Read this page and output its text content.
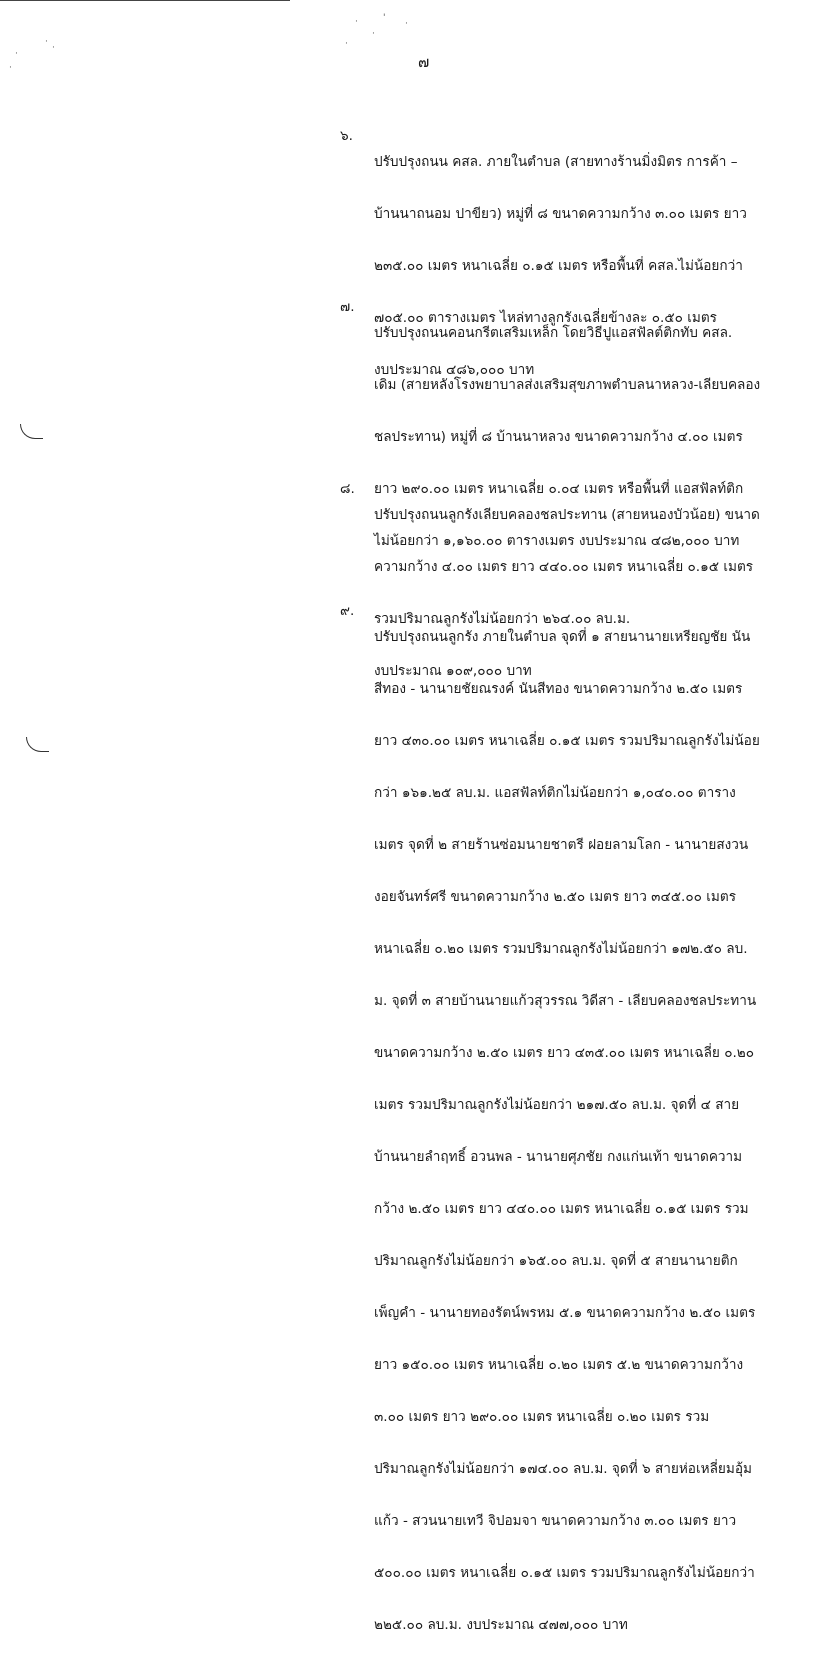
·	'
·
·
·
·
·
·
·	๗
๖.

ปรับปรุงถนน คสล. ภายในตำบล (สายทางร้านมิ่งมิตร การค้า –

บ้านนาถนอม ปาขียว) หมู่ที่ ๘ ขนาดความกว้าง ๓.๐๐ เมตร ยาว

๒๓๕.๐๐ เมตร หนาเฉลี่ย ๐.๑๕ เมตร หรือพื้นที่ คสล.ไม่น้อยกว่า

๗๐๕.๐๐ ตารางเมตร ไหล่ทางลูกรังเฉลี่ยข้างละ ๐.๕๐ เมตร

งบประมาณ ๔๘๖,๐๐๐ บาท

๗.

ปรับปรุงถนนคอนกรีตเสริมเหล็ก โดยวิธีปูแอสฟัลต์ติกทับ คสล.

เดิม (สายหลังโรงพยาบาลส่งเสริมสุขภาพตำบลนาหลวง-เลียบคลอง

ชลประทาน) หมู่ที่ ๘ บ้านนาหลวง ขนาดความกว้าง ๔.๐๐ เมตร

ยาว ๒๙๐.๐๐ เมตร หนาเฉลี่ย ๐.๐๔ เมตร หรือพื้นที่ แอสฟัลท์ติก

ไม่น้อยกว่า ๑,๑๖๐.๐๐ ตารางเมตร งบประมาณ ๔๘๒,๐๐๐ บาท

๘.

ปรับปรุงถนนลูกรังเลียบคลองชลประทาน (สายหนองบัวน้อย) ขนาด

ความกว้าง ๔.๐๐ เมตร ยาว ๔๔๐.๐๐ เมตร หนาเฉลี่ย ๐.๑๕ เมตร

รวมปริมาณลูกรังไม่น้อยกว่า ๒๖๔.๐๐ ลบ.ม.

งบประมาณ ๑๐๙,๐๐๐ บาท

๙.

ปรับปรุงถนนลูกรัง ภายในตำบล จุดที่ ๑ สายนานายเหรียญชัย นัน

สีทอง - นานายชัยณรงค์ นันสีทอง ขนาดความกว้าง ๒.๕๐ เมตร

ยาว ๔๓๐.๐๐ เมตร หนาเฉลี่ย ๐.๑๕ เมตร รวมปริมาณลูกรังไม่น้อย

กว่า ๑๖๑.๒๕ ลบ.ม. แอสฟัลท์ติกไม่น้อยกว่า ๑,๐๔๐.๐๐ ตาราง

เมตร จุดที่ ๒ สายร้านซ่อมนายชาตรี ฝอยลามโลก - นานายสงวน

งอยจันทร์ศรี ขนาดความกว้าง ๒.๕๐ เมตร ยาว ๓๔๕.๐๐ เมตร

หนาเฉลี่ย ๐.๒๐ เมตร รวมปริมาณลูกรังไม่น้อยกว่า ๑๗๒.๕๐ ลบ.

ม. จุดที่ ๓ สายบ้านนายแก้วสุวรรณ วิดีสา - เลียบคลองชลประทาน

ขนาดความกว้าง ๒.๕๐ เมตร ยาว ๔๓๕.๐๐ เมตร หนาเฉลี่ย ๐.๒๐

เมตร รวมปริมาณลูกรังไม่น้อยกว่า ๒๑๗.๕๐ ลบ.ม. จุดที่ ๔ สาย

บ้านนายลำฤทธิ์ อวนพล - นานายศุภชัย กงแก่นเท้า ขนาดความ

กว้าง ๒.๕๐ เมตร ยาว ๔๔๐.๐๐ เมตร หนาเฉลี่ย ๐.๑๕ เมตร รวม

ปริมาณลูกรังไม่น้อยกว่า ๑๖๕.๐๐ ลบ.ม. จุดที่ ๕ สายนานายติก

เพ็ญคำ - นานายทองรัตน์พรหม ๕.๑ ขนาดความกว้าง ๒.๕๐ เมตร

ยาว ๑๕๐.๐๐ เมตร หนาเฉลี่ย ๐.๒๐ เมตร ๕.๒ ขนาดความกว้าง

๓.๐๐ เมตร ยาว ๒๙๐.๐๐ เมตร หนาเฉลี่ย ๐.๒๐ เมตร รวม

ปริมาณลูกรังไม่น้อยกว่า ๑๗๔.๐๐ ลบ.ม. จุดที่ ๖ สายห่อเหลี่ยมอุ้ม

แก้ว - สวนนายเทวี จิปอมจา ขนาดความกว้าง ๓.๐๐ เมตร ยาว

๕๐๐.๐๐ เมตร หนาเฉลี่ย ๐.๑๕ เมตร รวมปริมาณลูกรังไม่น้อยกว่า

๒๒๕.๐๐ ลบ.ม. งบประมาณ ๔๗๗,๐๐๐ บาท
